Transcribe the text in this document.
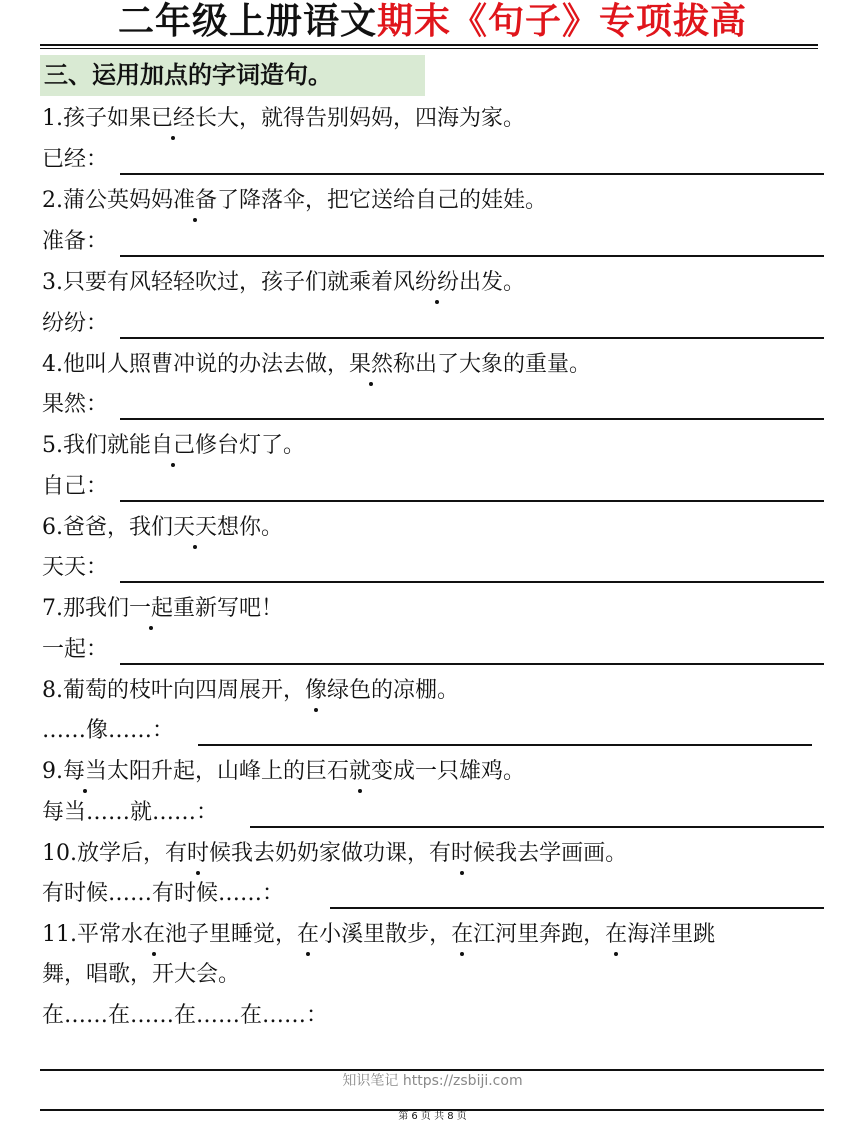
二年级上册语文期末《句子》专项拔高
三、运用加点的字词造句。
1.孩子如果已经长大，就得告别妈妈，四海为家。
已经：
2.蒲公英妈妈准备了降落伞，把它送给自己的娃娃。
准备：
3.只要有风轻轻吹过，孩子们就乘着风纷纷出发。
纷纷：
4.他叫人照曹冲说的办法去做，果然称出了大象的重量。
果然：
5.我们就能自己修台灯了。
自己：
6.爸爸，我们天天想你。
天天：
7.那我们一起重新写吧！
一起：
8.葡萄的枝叶向四周展开，像绿色的凉棚。
……像……：
9.每当太阳升起，山峰上的巨石就变成一只雄鸡。
每当……就……：
10.放学后，有时候我去奶奶家做功课，有时候我去学画画。
有时候……有时候……：
11.平常水在池子里睡觉，在小溪里散步，在江河里奔跑，在海洋里跳
舞，唱歌，开大会。
在……在……在……在……：
知识笔记 https://zsbiji.com
第 6 页 共 8 页
